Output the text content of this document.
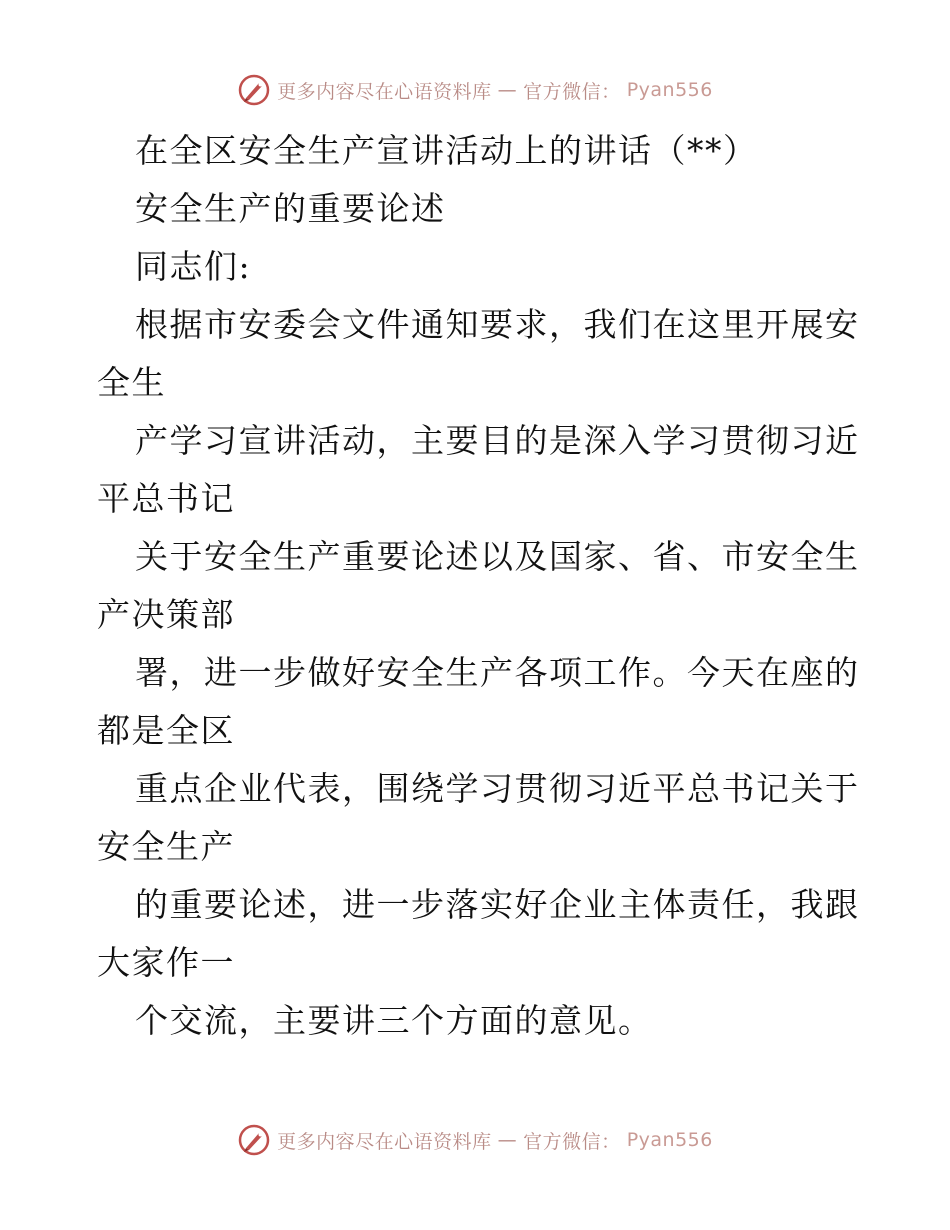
更多内容尽在心语资料库 — 官方微信： Pyan556
在全区安全生产宣讲活动上的讲话（**）
安全生产的重要论述
同志们:
根据市安委会文件通知要求，我们在这里开展安
全生
产学习宣讲活动，主要目的是深入学习贯彻习近
平总书记
关于安全生产重要论述以及国家、省、市安全生
产决策部
署，进一步做好安全生产各项工作。今天在座的
都是全区
重点企业代表，围绕学习贯彻习近平总书记关于
安全生产
的重要论述，进一步落实好企业主体责任，我跟
大家作一
个交流，主要讲三个方面的意见。
更多内容尽在心语资料库 — 官方微信： Pyan556
